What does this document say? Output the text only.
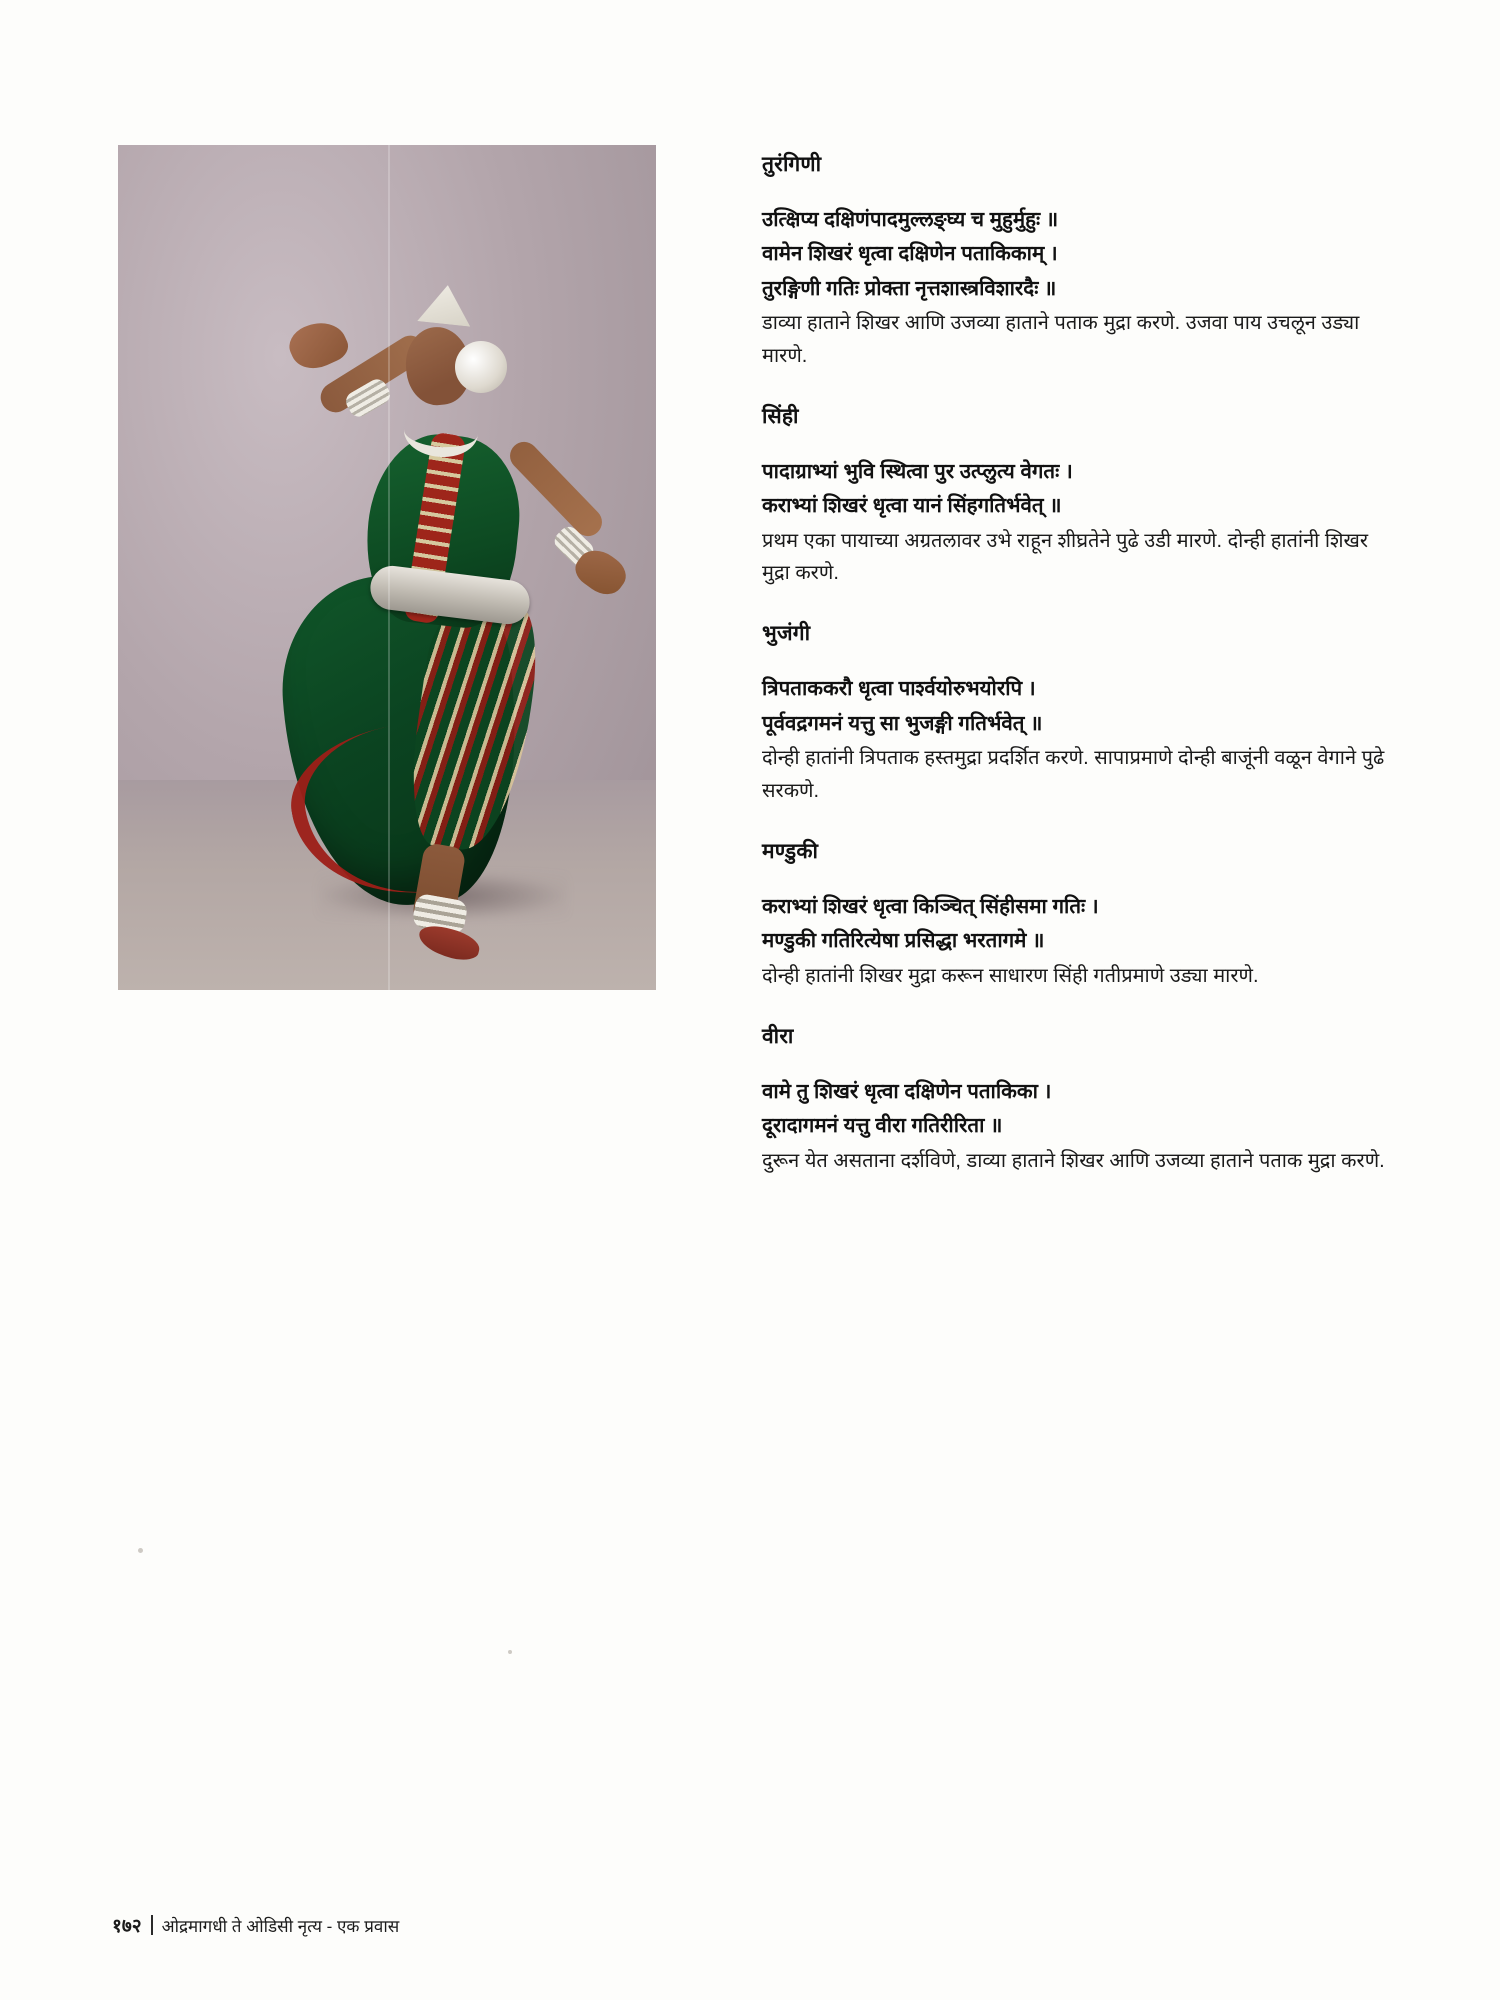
तुरंगिणी
उत्क्षिप्य दक्षिणंपादमुल्लङ्घ्य च मुहुर्मुहुः ॥
वामेन शिखरं धृत्वा दक्षिणेन पताकिकाम् ।
तुरङ्गिणी गतिः प्रोक्ता नृत्तशास्त्रविशारदैः ॥
डाव्या हाताने शिखर आणि उजव्या हाताने पताक मुद्रा करणे. उजवा पाय उचलून उड्या मारणे.
सिंही
पादाग्राभ्यां भुवि स्थित्वा पुर उत्प्लुत्य वेगतः ।
कराभ्यां शिखरं धृत्वा यानं सिंहगतिर्भवेत् ॥
प्रथम एका पायाच्या अग्रतलावर उभे राहून शीघ्रतेने पुढे उडी मारणे. दोन्ही हातांनी शिखर मुद्रा करणे.
भुजंगी
त्रिपताककरौ धृत्वा पार्श्वयोरुभयोरपि ।
पूर्ववद्रगमनं यत्तु सा भुजङ्गी गतिर्भवेत् ॥
दोन्ही हातांनी त्रिपताक हस्तमुद्रा प्रदर्शित करणे. सापाप्रमाणे दोन्ही बाजूंनी वळून वेगाने पुढे सरकणे.
मण्डुकी
कराभ्यां शिखरं धृत्वा किञ्चित् सिंहीसमा गतिः ।
मण्डुकी गतिरित्येषा प्रसिद्धा भरतागमे ॥
दोन्ही हातांनी शिखर मुद्रा करून साधारण सिंही गतीप्रमाणे उड्या मारणे.
वीरा
वामे तु शिखरं धृत्वा दक्षिणेन पताकिका ।
दूरादागमनं यत्तु वीरा गतिरीरिता ॥
दुरून येत असताना दर्शविणे, डाव्या हाताने शिखर आणि उजव्या हाताने पताक मुद्रा करणे.
१७२ ओद्रमागधी ते ओडिसी नृत्य - एक प्रवास
